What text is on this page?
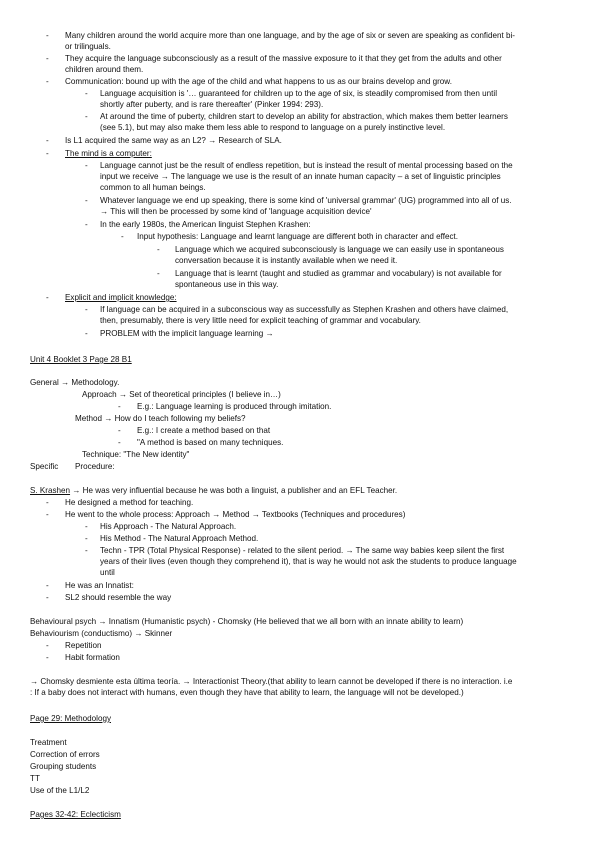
- Many children around the world acquire more than one language, and by the age of six or seven are speaking as confident bi-
or trilinguals.
- They acquire the language subconsciously as a result of the massive exposure to it that they get from the adults and other
children around them.
- Communication: bound up with the age of the child and what happens to us as our brains develop and grow.
- Language acquisition is '… guaranteed for children up to the age of six, is steadily compromised from then until
shortly after puberty, and is rare thereafter' (Pinker 1994: 293).
- At around the time of puberty, children start to develop an ability for abstraction, which makes them better learners
(see 5.1), but may also make them less able to respond to language on a purely instinctive level.
- Is L1 acquired the same way as an L2? → Research of SLA.
- The mind is a computer:
- Language cannot just be the result of endless repetition, but is instead the result of mental processing based on the
input we receive → The language we use is the result of an innate human capacity – a set of linguistic principles
common to all human beings.
- Whatever language we end up speaking, there is some kind of 'universal grammar' (UG) programmed into all of us.
→ This will then be processed by some kind of 'language acquisition device'
- In the early 1980s, the American linguist Stephen Krashen:
- Input hypothesis: Language and learnt language are different both in character and effect.
- Language which we acquired subconsciously is language we can easily use in spontaneous
conversation because it is instantly available when we need it.
- Language that is learnt (taught and studied as grammar and vocabulary) is not available for
spontaneous use in this way.
- Explicit and implicit knowledge:
- If language can be acquired in a subconscious way as successfully as Stephen Krashen and others have claimed,
then, presumably, there is very little need for explicit teaching of grammar and vocabulary.
- PROBLEM with the implicit language learning →
Unit 4 Booklet 3 Page 28 B1
General → Methodology.
Approach → Set of theoretical principles (I believe in…)
- E.g.: Language learning is produced through imitation.
Method → How do I teach following my beliefs?
- E.g.: I create a method based on that
- "A method is based on many techniques.
Technique: "The New identity"
Specific Procedure:
S. Krashen → He was very influential because he was both a linguist, a publisher and an EFL Teacher.
- He designed a method for teaching.
- He went to the whole process: Approach → Method → Textbooks (Techniques and procedures)
- His Approach - The Natural Approach.
- His Method - The Natural Approach Method.
- Techn - TPR (Total Physical Response) - related to the silent period. → The same way babies keep silent the first
years of their lives (even though they comprehend it), that is way he would not ask the students to produce language
until
- He was an Innatist:
- SL2 should resemble the way
Behavioural psych → Innatism (Humanistic psych) - Chomsky (He believed that we all born with an innate ability to learn)
Behaviourism (conductismo) → Skinner
- Repetition
- Habit formation
→ Chomsky desmiente esta última teoría. → Interactionist Theory.(that ability to learn cannot be developed if there is no interaction. i.e
: If a baby does not interact with humans, even though they have that ability to learn, the language will not be developed.)
Page 29: Methodology
Treatment
Correction of errors
Grouping students
TT
Use of the L1/L2
Pages 32-42: Eclecticism
